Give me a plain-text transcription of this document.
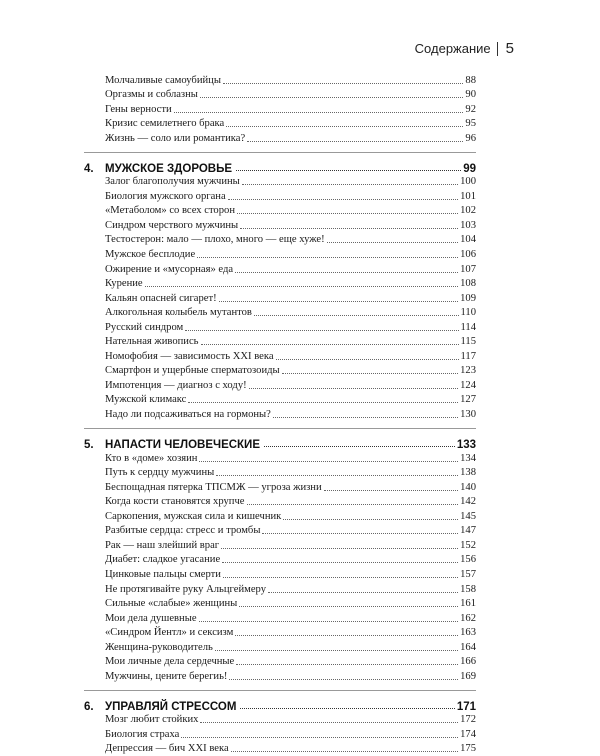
Содержание 5
Молчаливые самоубийцы	88
Оргазмы и соблазны	90
Гены верности	92
Кризис семилетнего брака	95
Жизнь — соло или романтика?	96
4. МУЖСКОЕ ЗДОРОВЬЕ	99
Залог благополучия мужчины	100
Биология мужского органа	101
«Метаболом» со всех сторон	102
Синдром черствого мужчины	103
Тестостерон: мало — плохо, много — еще хуже!	104
Мужское бесплодие	106
Ожирение и «мусорная» еда	107
Курение	108
Кальян опасней сигарет!	109
Алкогольная колыбель мутантов	110
Русский синдром	114
Нательная живопись	115
Номофобия — зависимость XXI века	117
Смартфон и ущербные сперматозоиды	123
Импотенция — диагноз с ходу!	124
Мужской климакс	127
Надо ли подсаживаться на гормоны?	130
5. НАПАСТИ ЧЕЛОВЕЧЕСКИЕ	133
Кто в «доме» хозяин	134
Путь к сердцу мужчины	138
Беспощадная пятерка ТПСМЖ — угроза жизни	140
Когда кости становятся хрупче	142
Саркопения, мужская сила и кишечник	145
Разбитые сердца: стресс и тромбы	147
Рак — наш злейший враг	152
Диабет: сладкое угасание	156
Цинковые пальцы смерти	157
Не протягивайте руку Альцгеймеру	158
Сильные «слабые» женщины	161
Мои дела душевные	162
«Синдром Йентл» и сексизм	163
Женщина-руководитель	164
Мои личные дела сердечные	166
Мужчины, цените берегиь!	169
6. УПРАВЛЯЙ СТРЕССОМ	171
Мозг любит стойких	172
Биология страха	174
Депрессия — бич XXI века	175
